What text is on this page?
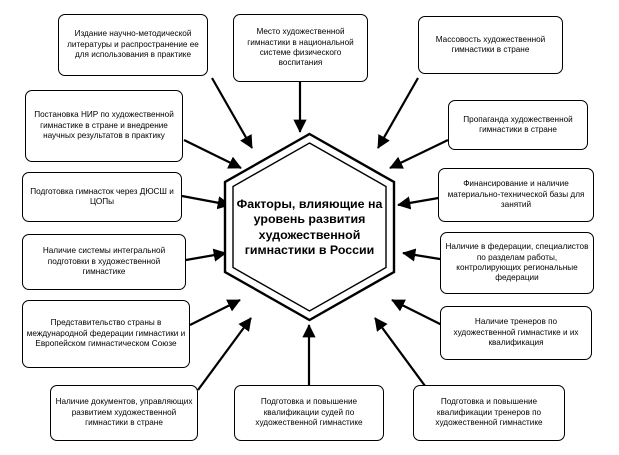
Факторы, влияющие на уровень развития художественной гимнастики в России
Издание научно-методической литературы и распространение ее для использования в практике
Место художественной гимнастики в национальной системе физического воспитания
Массовость художественной гимнастики в стране
Постановка НИР по художественной гимнастике в стране и внедрение научных результатов в практику
Пропаганда художественной гимнастики в стране
Подготовка гимнасток через ДЮСШ и ЦОПы
Финансирование и наличие материально-технической базы для занятий
Наличие системы интегральной подготовки в художественной гимнастике
Наличие в федерации, специалистов по разделам работы, контролирующих региональные федерации
Представительство страны в международной федерации гимнастики и Европейском гимнастическом Союзе
Наличие тренеров по художественной гимнастике и их квалификация
Наличие документов, управляющих развитием художественной гимнастики в стране
Подготовка и повышение квалификации судей по художественной гимнастике
Подготовка и повышение квалификации тренеров по художественной гимнастике
